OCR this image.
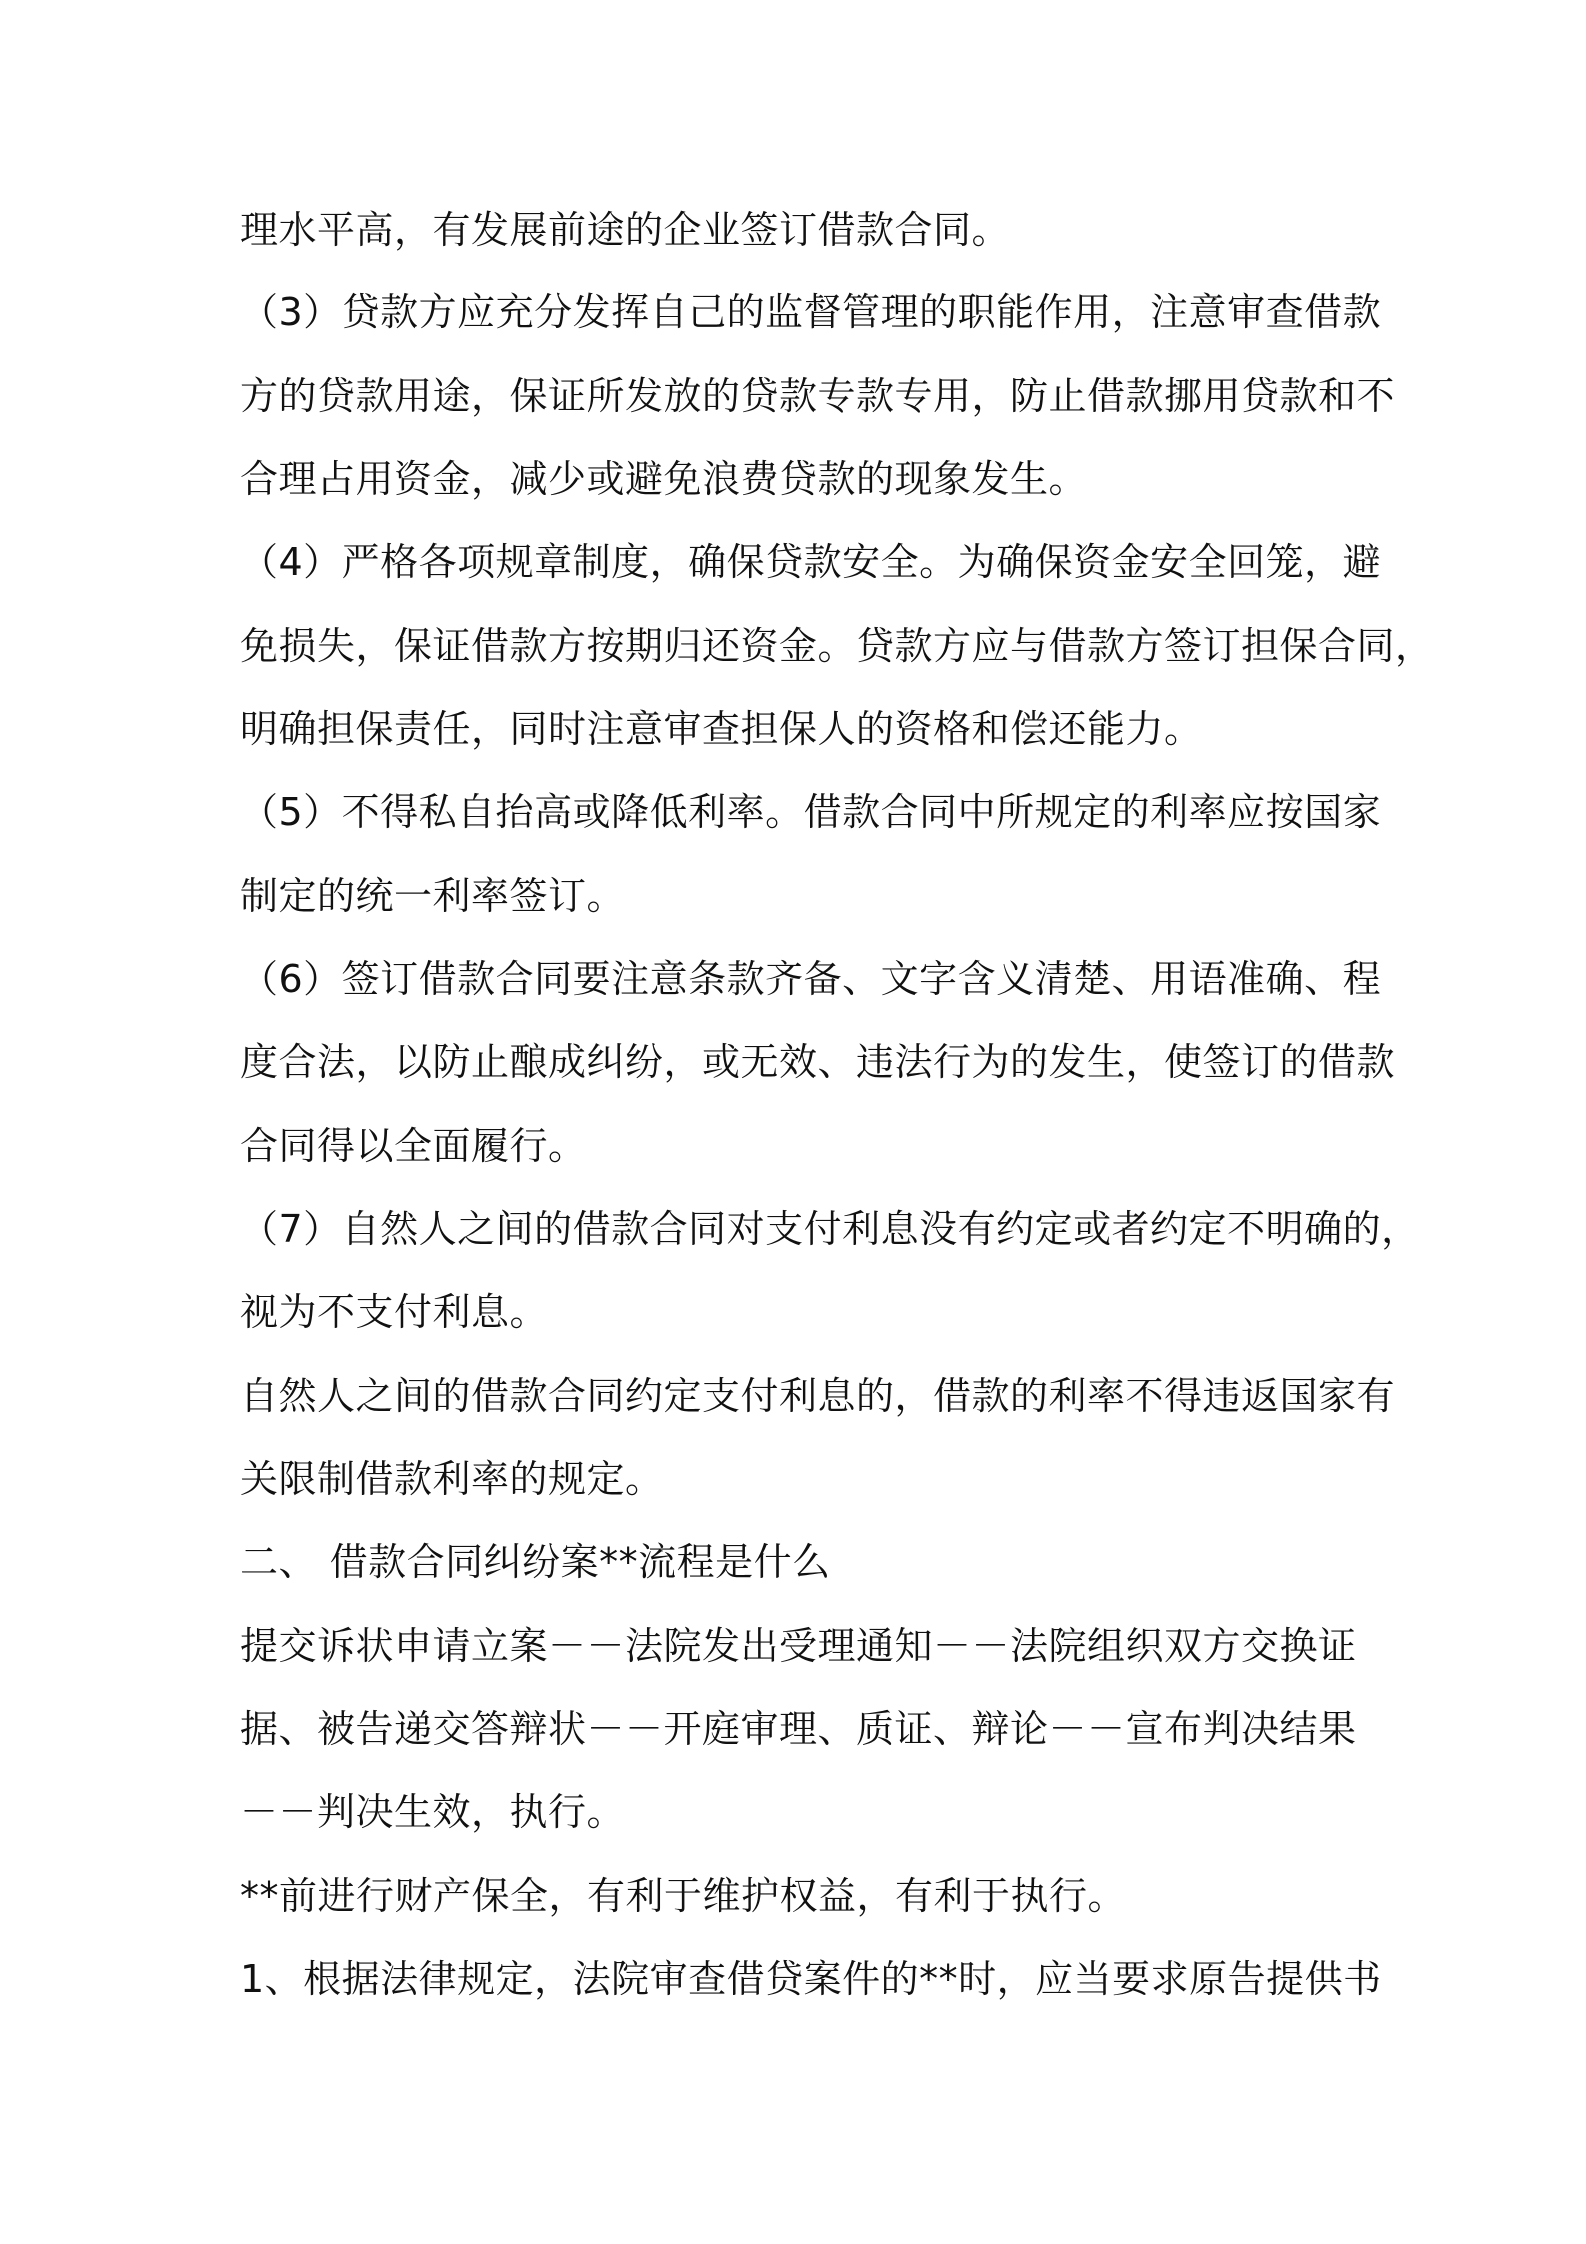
理水平高，有发展前途的企业签订借款合同。
（3）贷款方应充分发挥自己的监督管理的职能作用，注意审查借款
方的贷款用途，保证所发放的贷款专款专用，防止借款挪用贷款和不
合理占用资金，减少或避免浪费贷款的现象发生。
（4）严格各项规章制度，确保贷款安全。为确保资金安全回笼，避
免损失，保证借款方按期归还资金。贷款方应与借款方签订担保合同，
明确担保责任，同时注意审查担保人的资格和偿还能力。
（5）不得私自抬高或降低利率。借款合同中所规定的利率应按国家
制定的统一利率签订。
（6）签订借款合同要注意条款齐备、文字含义清楚、用语准确、程
度合法，以防止酿成纠纷，或无效、违法行为的发生，使签订的借款
合同得以全面履行。
（7）自然人之间的借款合同对支付利息没有约定或者约定不明确的，
视为不支付利息。
自然人之间的借款合同约定支付利息的，借款的利率不得违返国家有
关限制借款利率的规定。
二、 借款合同纠纷案**流程是什么
提交诉状申请立案－－法院发出受理通知－－法院组织双方交换证
据、被告递交答辩状－－开庭审理、质证、辩论－－宣布判决结果
－－判决生效，执行。
**前进行财产保全，有利于维护权益，有利于执行。
1、根据法律规定，法院审查借贷案件的**时，应当要求原告提供书
